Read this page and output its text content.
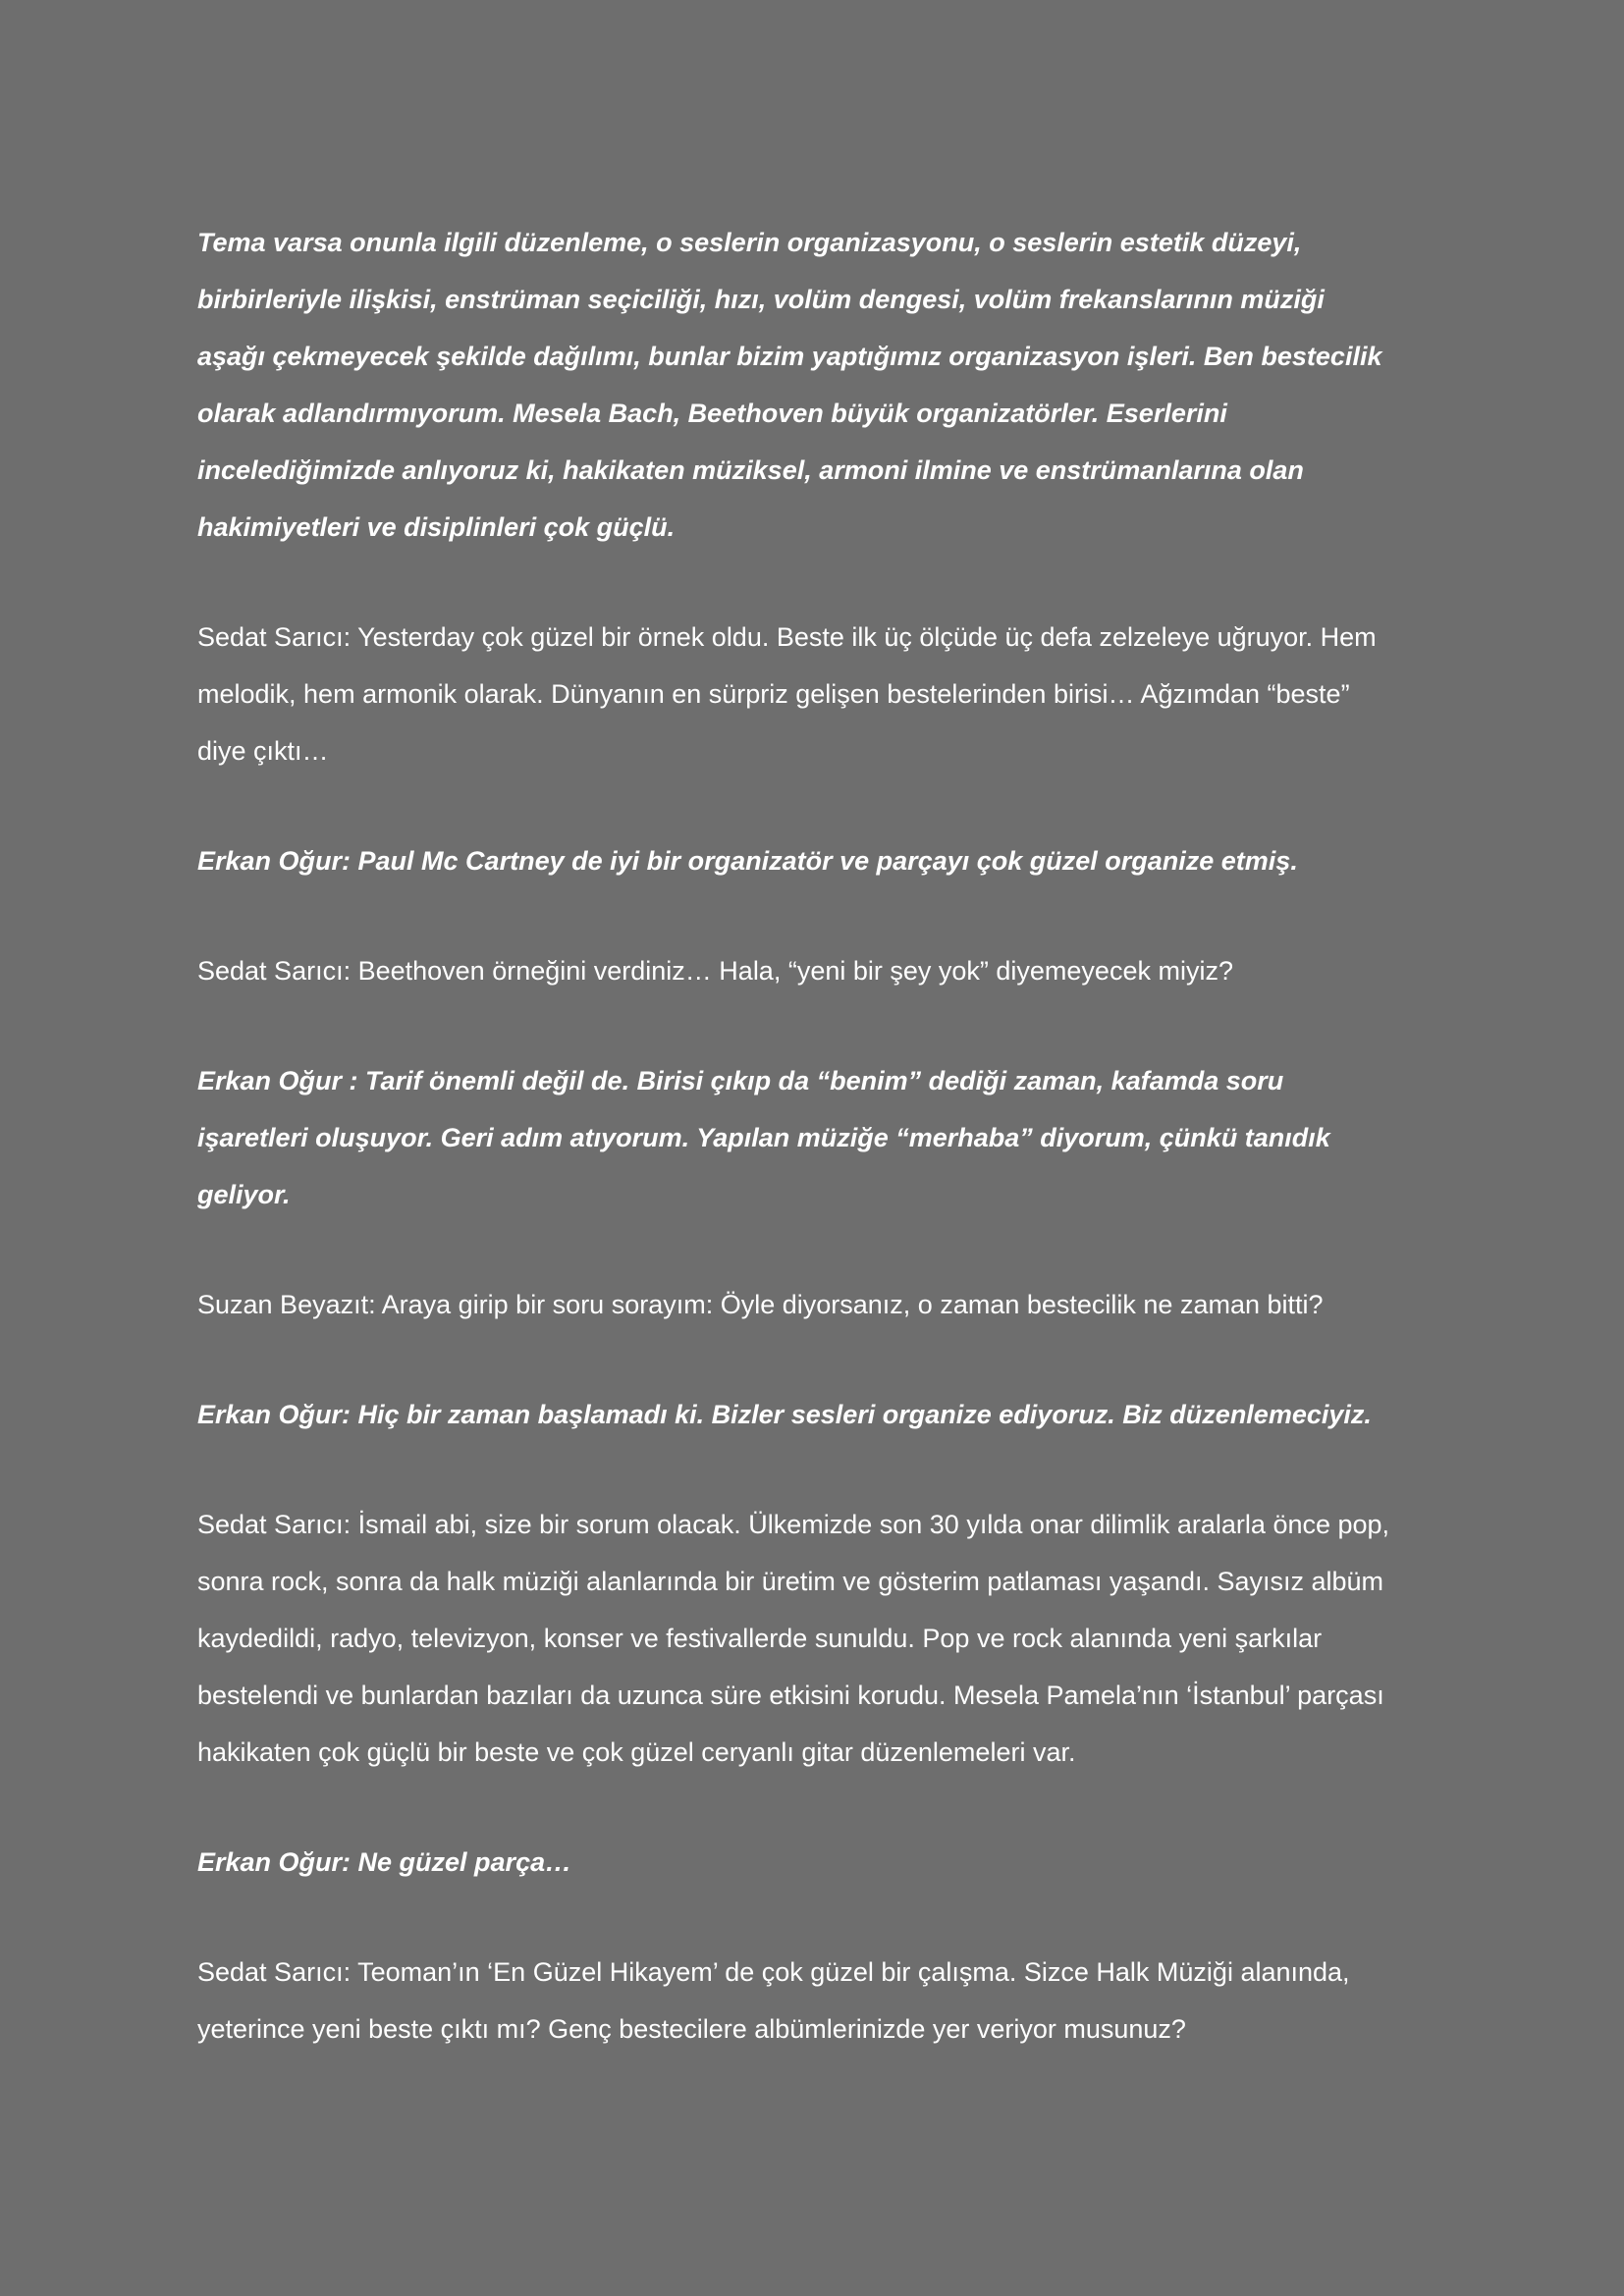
Tema varsa onunla ilgili düzenleme, o seslerin organizasyonu, o seslerin estetik düzeyi,
birbirleriyle ilişkisi, enstrüman seçiciliği, hızı, volüm dengesi, volüm frekanslarının müziği
aşağı çekmeyecek şekilde dağılımı, bunlar bizim yaptığımız organizasyon işleri. Ben bestecilik
olarak adlandırmıyorum. Mesela Bach, Beethoven büyük organizatörler. Eserlerini
incelediğimizde anlıyoruz ki, hakikaten müziksel, armoni ilmine ve enstrümanlarına olan
hakimiyetleri ve disiplinleri çok güçlü.

Sedat Sarıcı: Yesterday çok güzel bir örnek oldu. Beste ilk üç ölçüde üç defa zelzeleye uğruyor. Hem
melodik, hem armonik olarak. Dünyanın en sürpriz gelişen bestelerinden birisi… Ağzımdan “beste”
diye çıktı…

Erkan Oğur: Paul Mc Cartney de iyi bir organizatör ve parçayı çok güzel organize etmiş.

Sedat Sarıcı: Beethoven örneğini verdiniz… Hala, “yeni bir şey yok” diyemeyecek miyiz?

Erkan Oğur : Tarif önemli değil de. Birisi çıkıp da “benim” dediği zaman, kafamda soru
işaretleri oluşuyor. Geri adım atıyorum. Yapılan müziğe “merhaba” diyorum, çünkü tanıdık
geliyor.

Suzan Beyazıt: Araya girip bir soru sorayım: Öyle diyorsanız, o zaman bestecilik ne zaman bitti?

Erkan Oğur: Hiç bir zaman başlamadı ki. Bizler sesleri organize ediyoruz. Biz düzenlemeciyiz.

Sedat Sarıcı: İsmail abi, size bir sorum olacak. Ülkemizde son 30 yılda onar dilimlik aralarla önce pop,
sonra rock, sonra da halk müziği alanlarında bir üretim ve gösterim patlaması yaşandı. Sayısız albüm
kaydedildi, radyo, televizyon, konser ve festivallerde sunuldu. Pop ve rock alanında yeni şarkılar
bestelendi ve bunlardan bazıları da uzunca süre etkisini korudu. Mesela Pamela’nın ‘İstanbul’ parçası
hakikaten çok güçlü bir beste ve çok güzel ceryanlı gitar düzenlemeleri var.

Erkan Oğur: Ne güzel parça…

Sedat Sarıcı: Teoman’ın ‘En Güzel Hikayem’ de çok güzel bir çalışma. Sizce Halk Müziği alanında,
yeterince yeni beste çıktı mı? Genç bestecilere albümlerinizde yer veriyor musunuz?
